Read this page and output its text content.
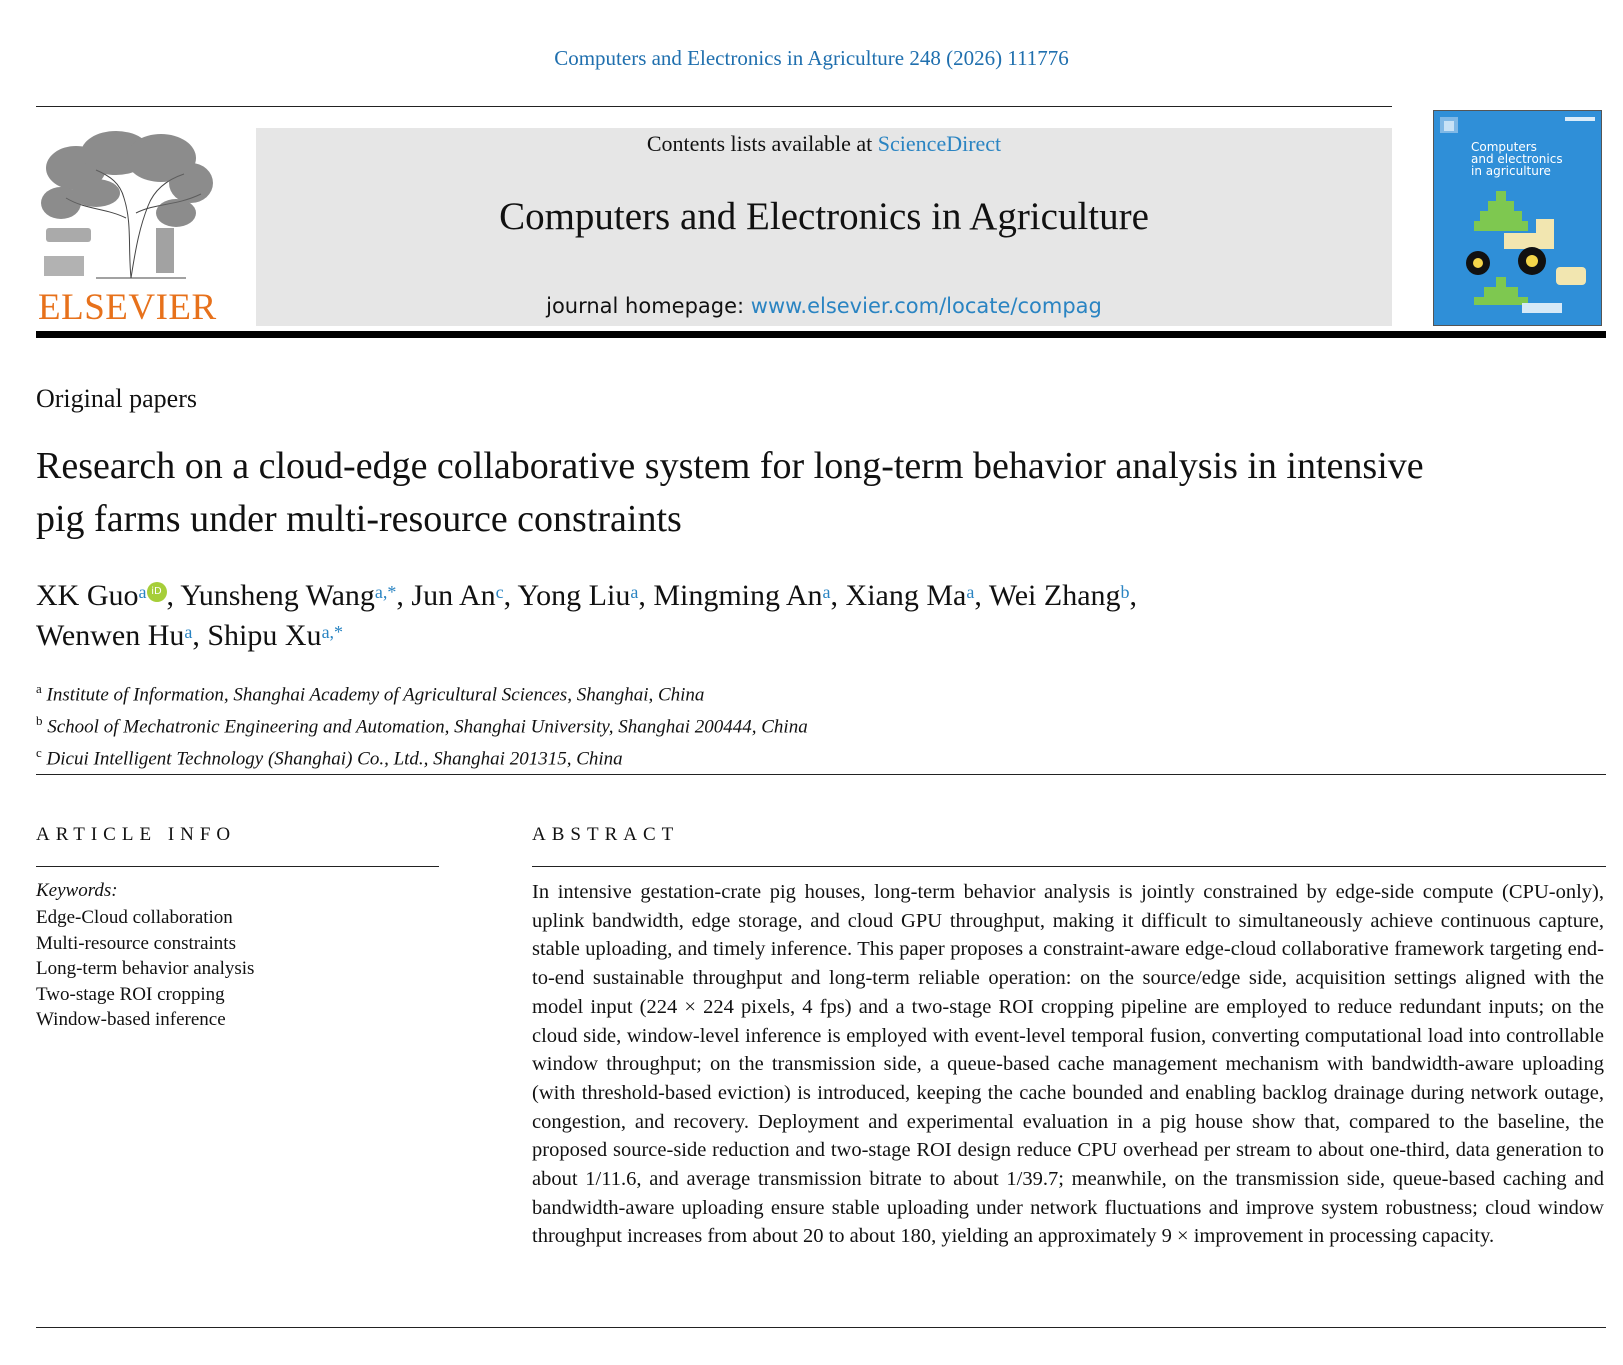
Computers and Electronics in Agriculture 248 (2026) 111776
ELSEVIER
Contents lists available at ScienceDirect
Computers and Electronics in Agriculture
journal homepage: www.elsevier.com/locate/compag
Computers
and electronics
in agriculture
Original papers
Research on a cloud-edge collaborative system for long-term behavior analysis in intensive pig farms under multi-resource constraints
XK Guo$^a$ iD , Yunsheng Wang$^{a,*}$, Jun An$^c$, Yong Liu$^a$, Mingming An$^a$, Xiang Ma$^a$, Wei Zhang$^b$,
Wenwen Hu$^a$, Shipu $Xu^{a,*}$
$^a$ Institute of Information, Shanghai Academy of Agricultural Sciences, Shanghai, China
$^b$ School of Mechatronic Engineering and Automation, Shanghai University, Shanghai 200444, China
$^c$ Dicui Intelligent Technology (Shanghai) Co., Ltd., Shanghai 201315, China
ARTICLE INFO
Keywords:
Edge-Cloud collaboration
Multi-resource constraints
Long-term behavior analysis
Two-stage ROI cropping
Window-based inference
ABSTRACT
In intensive gestation-crate pig houses, long-term behavior analysis is jointly constrained by edge-side compute (CPU-only), uplink bandwidth, edge storage, and cloud GPU throughput, making it difficult to simultaneously achieve continuous capture, stable uploading, and timely inference. This paper proposes a constraint-aware edge-cloud collaborative framework targeting end-to-end sustainable throughput and long-term reliable operation: on the source/edge side, acquisition settings aligned with the model input (224 × 224 pixels, 4 fps) and a two-stage ROI cropping pipeline are employed to reduce redundant inputs; on the cloud side, window-level inference is employed with event-level temporal fusion, converting computational load into controllable window throughput; on the transmission side, a queue-based cache management mechanism with bandwidth-aware uploading (with threshold-based eviction) is introduced, keeping the cache bounded and enabling backlog drainage during network outage, congestion, and recovery. Deployment and experimental evaluation in a pig house show that, compared to the baseline, the proposed source-side reduction and two-stage ROI design reduce CPU overhead per stream to about one-third, data generation to about 1/11.6, and average transmission bitrate to about 1/39.7; meanwhile, on the transmission side, queue-based caching and bandwidth-aware uploading ensure stable uploading under network fluctuations and improve system robustness; cloud window throughput increases from about 20 to about 180, yielding an approximately 9 × improvement in processing capacity.
